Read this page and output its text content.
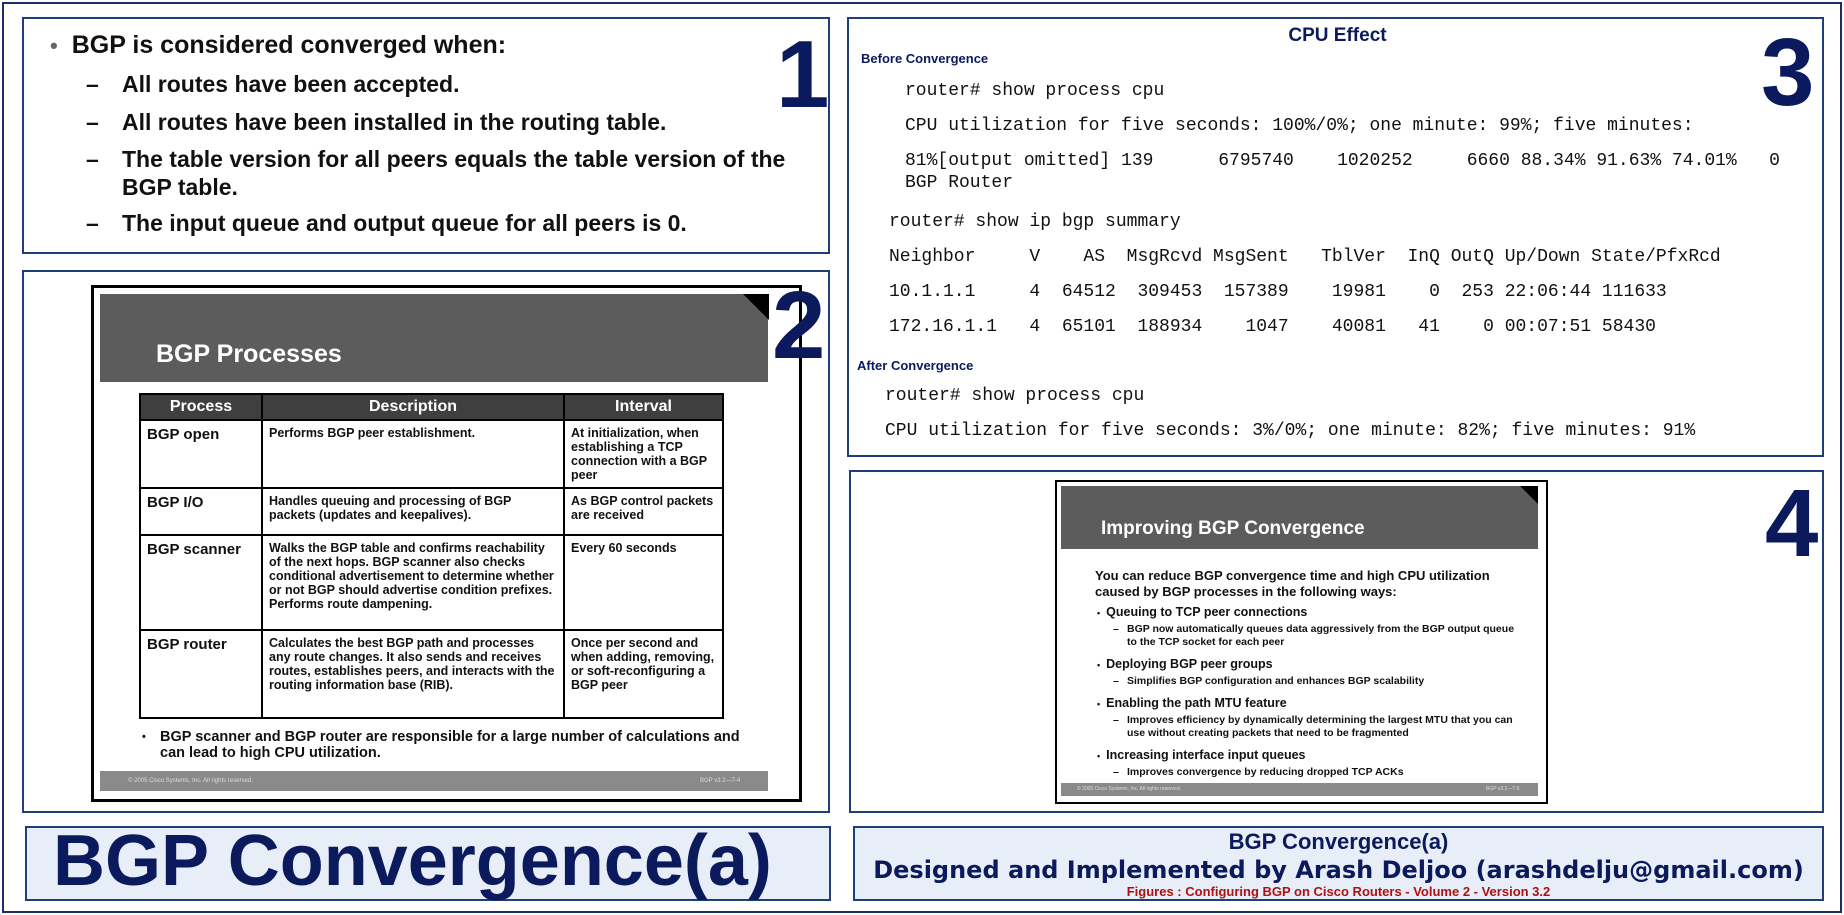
• BGP is considered converged when:
– All routes have been accepted.
– All routes have been installed in the routing table.
– The table version for all peers equals the table version of the BGP table.
– The input queue and output queue for all peers is 0.
1
BGP Processes
Process	Description	Interval
BGP open	Performs BGP peer establishment.	At initialization, when establishing a TCP connection with a BGP peer
BGP I/O	Handles queuing and processing of BGP packets (updates and keepalives).	As BGP control packets are received
BGP scanner	Walks the BGP table and confirms reachability of the next hops. BGP scanner also checks conditional advertisement to determine whether or not BGP should advertise condition prefixes. Performs route dampening.	Every 60 seconds
BGP router	Calculates the best BGP path and processes any route changes. It also sends and receives routes, establishes peers, and interacts with the routing information base (RIB).	Once per second and when adding, removing, or soft-reconfiguring a BGP peer
• BGP scanner and BGP router are responsible for a large number of calculations and can lead to high CPU utilization.
© 2005 Cisco Systems, Inc. All rights reserved.	BGP v3.2—7-4
2
CPU Effect
Before Convergence
router# show process cpu
CPU utilization for five seconds: 100%/0%; one minute: 99%; five minutes:
81%[output omitted] 139      6795740    1020252     6660 88.34% 91.63% 74.01%   0
BGP Router
router# show ip bgp summary
Neighbor     V    AS  MsgRcvd MsgSent   TblVer  InQ OutQ Up/Down State/PfxRcd
10.1.1.1     4  64512  309453  157389    19981    0  253 22:06:44 111633
172.16.1.1   4  65101  188934    1047    40081   41    0 00:07:51 58430
After Convergence
router# show process cpu
CPU utilization for five seconds: 3%/0%; one minute: 82%; five minutes: 91%
3
Improving BGP Convergence
You can reduce BGP convergence time and high CPU utilization caused by BGP processes in the following ways:
• Queuing to TCP peer connections
– BGP now automatically queues data aggressively from the BGP output queue to the TCP socket for each peer
• Deploying BGP peer groups
– Simplifies BGP configuration and enhances BGP scalability
• Enabling the path MTU feature
– Improves efficiency by dynamically determining the largest MTU that you can use without creating packets that need to be fragmented
• Increasing interface input queues
– Improves convergence by reducing dropped TCP ACKs
© 2005 Cisco Systems, Inc. All rights reserved.	BGP v3.2—7-5
4
BGP Convergence(a)	BGP Convergence(a)
Designed and Implemented by Arash Deljoo (arashdelju@gmail.com)
Figures : Configuring BGP on Cisco Routers - Volume 2 - Version 3.2
